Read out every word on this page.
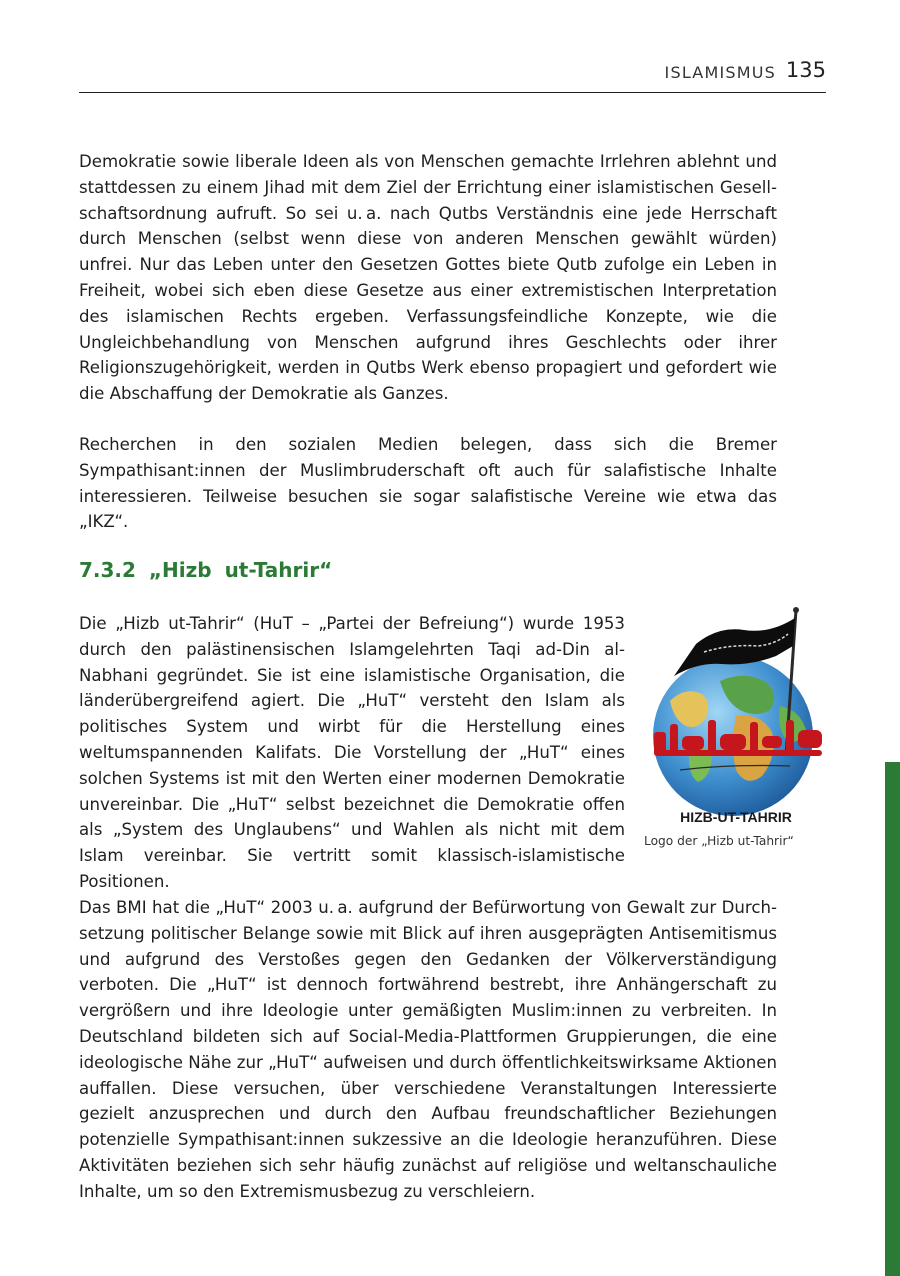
ISLAMISMUS 135

Demokratie sowie liberale Ideen als von Menschen gemachte Irrlehren ablehnt und stattdessen zu einem Jihad mit dem Ziel der Errichtung einer islamistischen Gesellschaftsordnung aufruft. So sei u. a. nach Qutbs Verständnis eine jede Herrschaft durch Menschen (selbst wenn diese von anderen Menschen gewählt würden) unfrei. Nur das Leben unter den Gesetzen Gottes biete Qutb zufolge ein Leben in Freiheit, wobei sich eben diese Gesetze aus einer extremistischen Interpretation des islamischen Rechts ergeben. Verfassungsfeindliche Konzepte, wie die Ungleichbehandlung von Menschen aufgrund ihres Geschlechts oder ihrer Religionszugehörigkeit, werden in Qutbs Werk ebenso propagiert und gefordert wie die Abschaffung der Demokratie als Ganzes.

Recherchen in den sozialen Medien belegen, dass sich die Bremer Sympathisant:innen der Muslimbruderschaft oft auch für salafistische Inhalte interessieren. Teilweise besuchen sie sogar salafistische Vereine wie etwa das „IKZ“.

7.3.2 „Hizb ut-Tahrir“

Die „Hizb ut-Tahrir“ (HuT – „Partei der Befreiung“) wurde 1953 durch den palästinensischen Islamgelehrten Taqi ad-Din al-Nabhani gegründet. Sie ist eine islamistische Organisation, die länderübergreifend agiert. Die „HuT“ versteht den Islam als politisches System und wirbt für die Herstellung eines weltumspannenden Kalifats. Die Vorstellung der „HuT“ eines solchen Systems ist mit den Werten einer modernen Demokratie unvereinbar. Die „HuT“ selbst bezeichnet die Demokratie offen als „System des Unglaubens“ und Wahlen als nicht mit dem Islam vereinbar. Sie vertritt somit klassisch-islamistische Positionen.

HIZB-UT-TAHRIR
Logo der „Hizb ut-Tahrir“

Das BMI hat die „HuT“ 2003 u. a. aufgrund der Befürwortung von Gewalt zur Durchsetzung politischer Belange sowie mit Blick auf ihren ausgeprägten Antisemitismus und aufgrund des Verstoßes gegen den Gedanken der Völkerverständigung verboten. Die „HuT“ ist dennoch fortwährend bestrebt, ihre Anhängerschaft zu vergrößern und ihre Ideologie unter gemäßigten Muslim:innen zu verbreiten. In Deutschland bildeten sich auf Social-Media-Plattformen Gruppierungen, die eine ideologische Nähe zur „HuT“ aufweisen und durch öffentlichkeitswirksame Aktionen auffallen. Diese versuchen, über verschiedene Veranstaltungen Interessierte gezielt anzusprechen und durch den Aufbau freundschaftlicher Beziehungen potenzielle Sympathisant:innen sukzessive an die Ideologie heranzuführen. Diese Aktivitäten beziehen sich sehr häufig zunächst auf religiöse und weltanschauliche Inhalte, um so den Extremismusbezug zu verschleiern.
